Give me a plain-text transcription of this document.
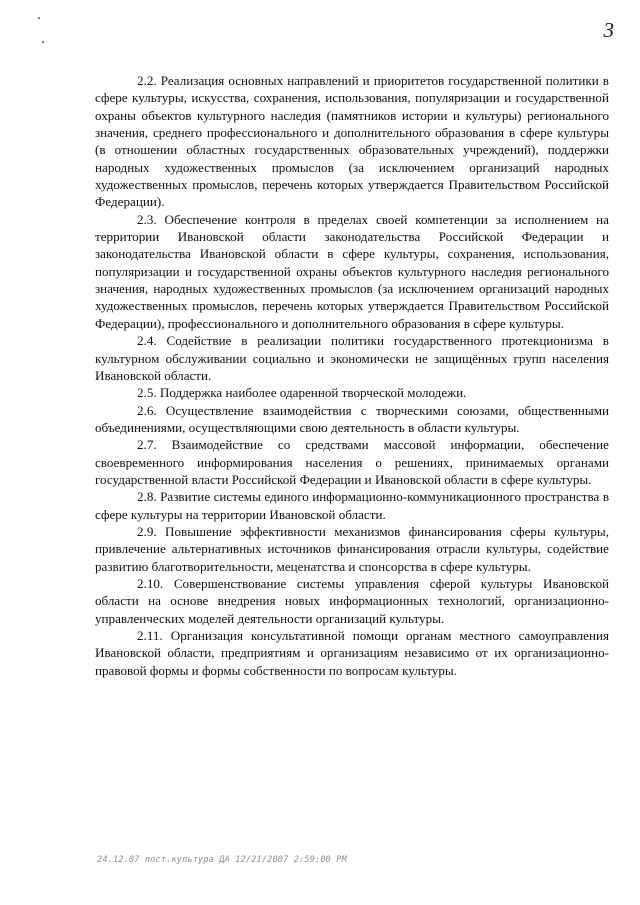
3

2.2. Реализация основных направлений и приоритетов государственной политики в сфере культуры, искусства, сохранения, использования, популяризации и государственной охраны объектов культурного наследия (памятников истории и культуры) регионального значения, среднего профессионального и дополнительного образования в сфере культуры (в отношении областных государственных образовательных учреждений), поддержки народных художественных промыслов (за исключением организаций народных художественных промыслов, перечень которых утверждается Правительством Российской Федерации).

2.3. Обеспечение контроля в пределах своей компетенции за исполнением на территории Ивановской области законодательства Российской Федерации и законодательства Ивановской области в сфере культуры, сохранения, использования, популяризации и государственной охраны объектов культурного наследия регионального значения, народных художественных промыслов (за исключением организаций народных художественных промыслов, перечень которых утверждается Правительством Российской Федерации), профессионального и дополнительного образования в сфере культуры.

2.4. Содействие в реализации политики государственного протекционизма в культурном обслуживании социально и экономически не защищённых групп населения Ивановской области.

2.5. Поддержка наиболее одаренной творческой молодежи.

2.6. Осуществление взаимодействия с творческими союзами, общественными объединениями, осуществляющими свою деятельность в области культуры.

2.7. Взаимодействие со средствами массовой информации, обеспечение своевременного информирования населения о решениях, принимаемых органами государственной власти Российской Федерации и Ивановской области в сфере культуры.

2.8. Развитие системы единого информационно-коммуникационного пространства в сфере культуры на территории Ивановской области.

2.9. Повышение эффективности механизмов финансирования сферы культуры, привлечение альтернативных источников финансирования отрасли культуры, содействие развитию благотворительности, меценатства и спонсорства в сфере культуры.

2.10. Совершенствование системы управления сферой культуры Ивановской области на основе внедрения новых информационных технологий, организационно-управленческих моделей деятельности организаций культуры.

2.11. Организация консультативной помощи органам местного самоуправления Ивановской области, предприятиям и организациям независимо от их организационно-правовой формы и формы собственности по вопросам культуры.

24.12.07 пост.культура ДА 12/21/2007 2:59:00 PM
